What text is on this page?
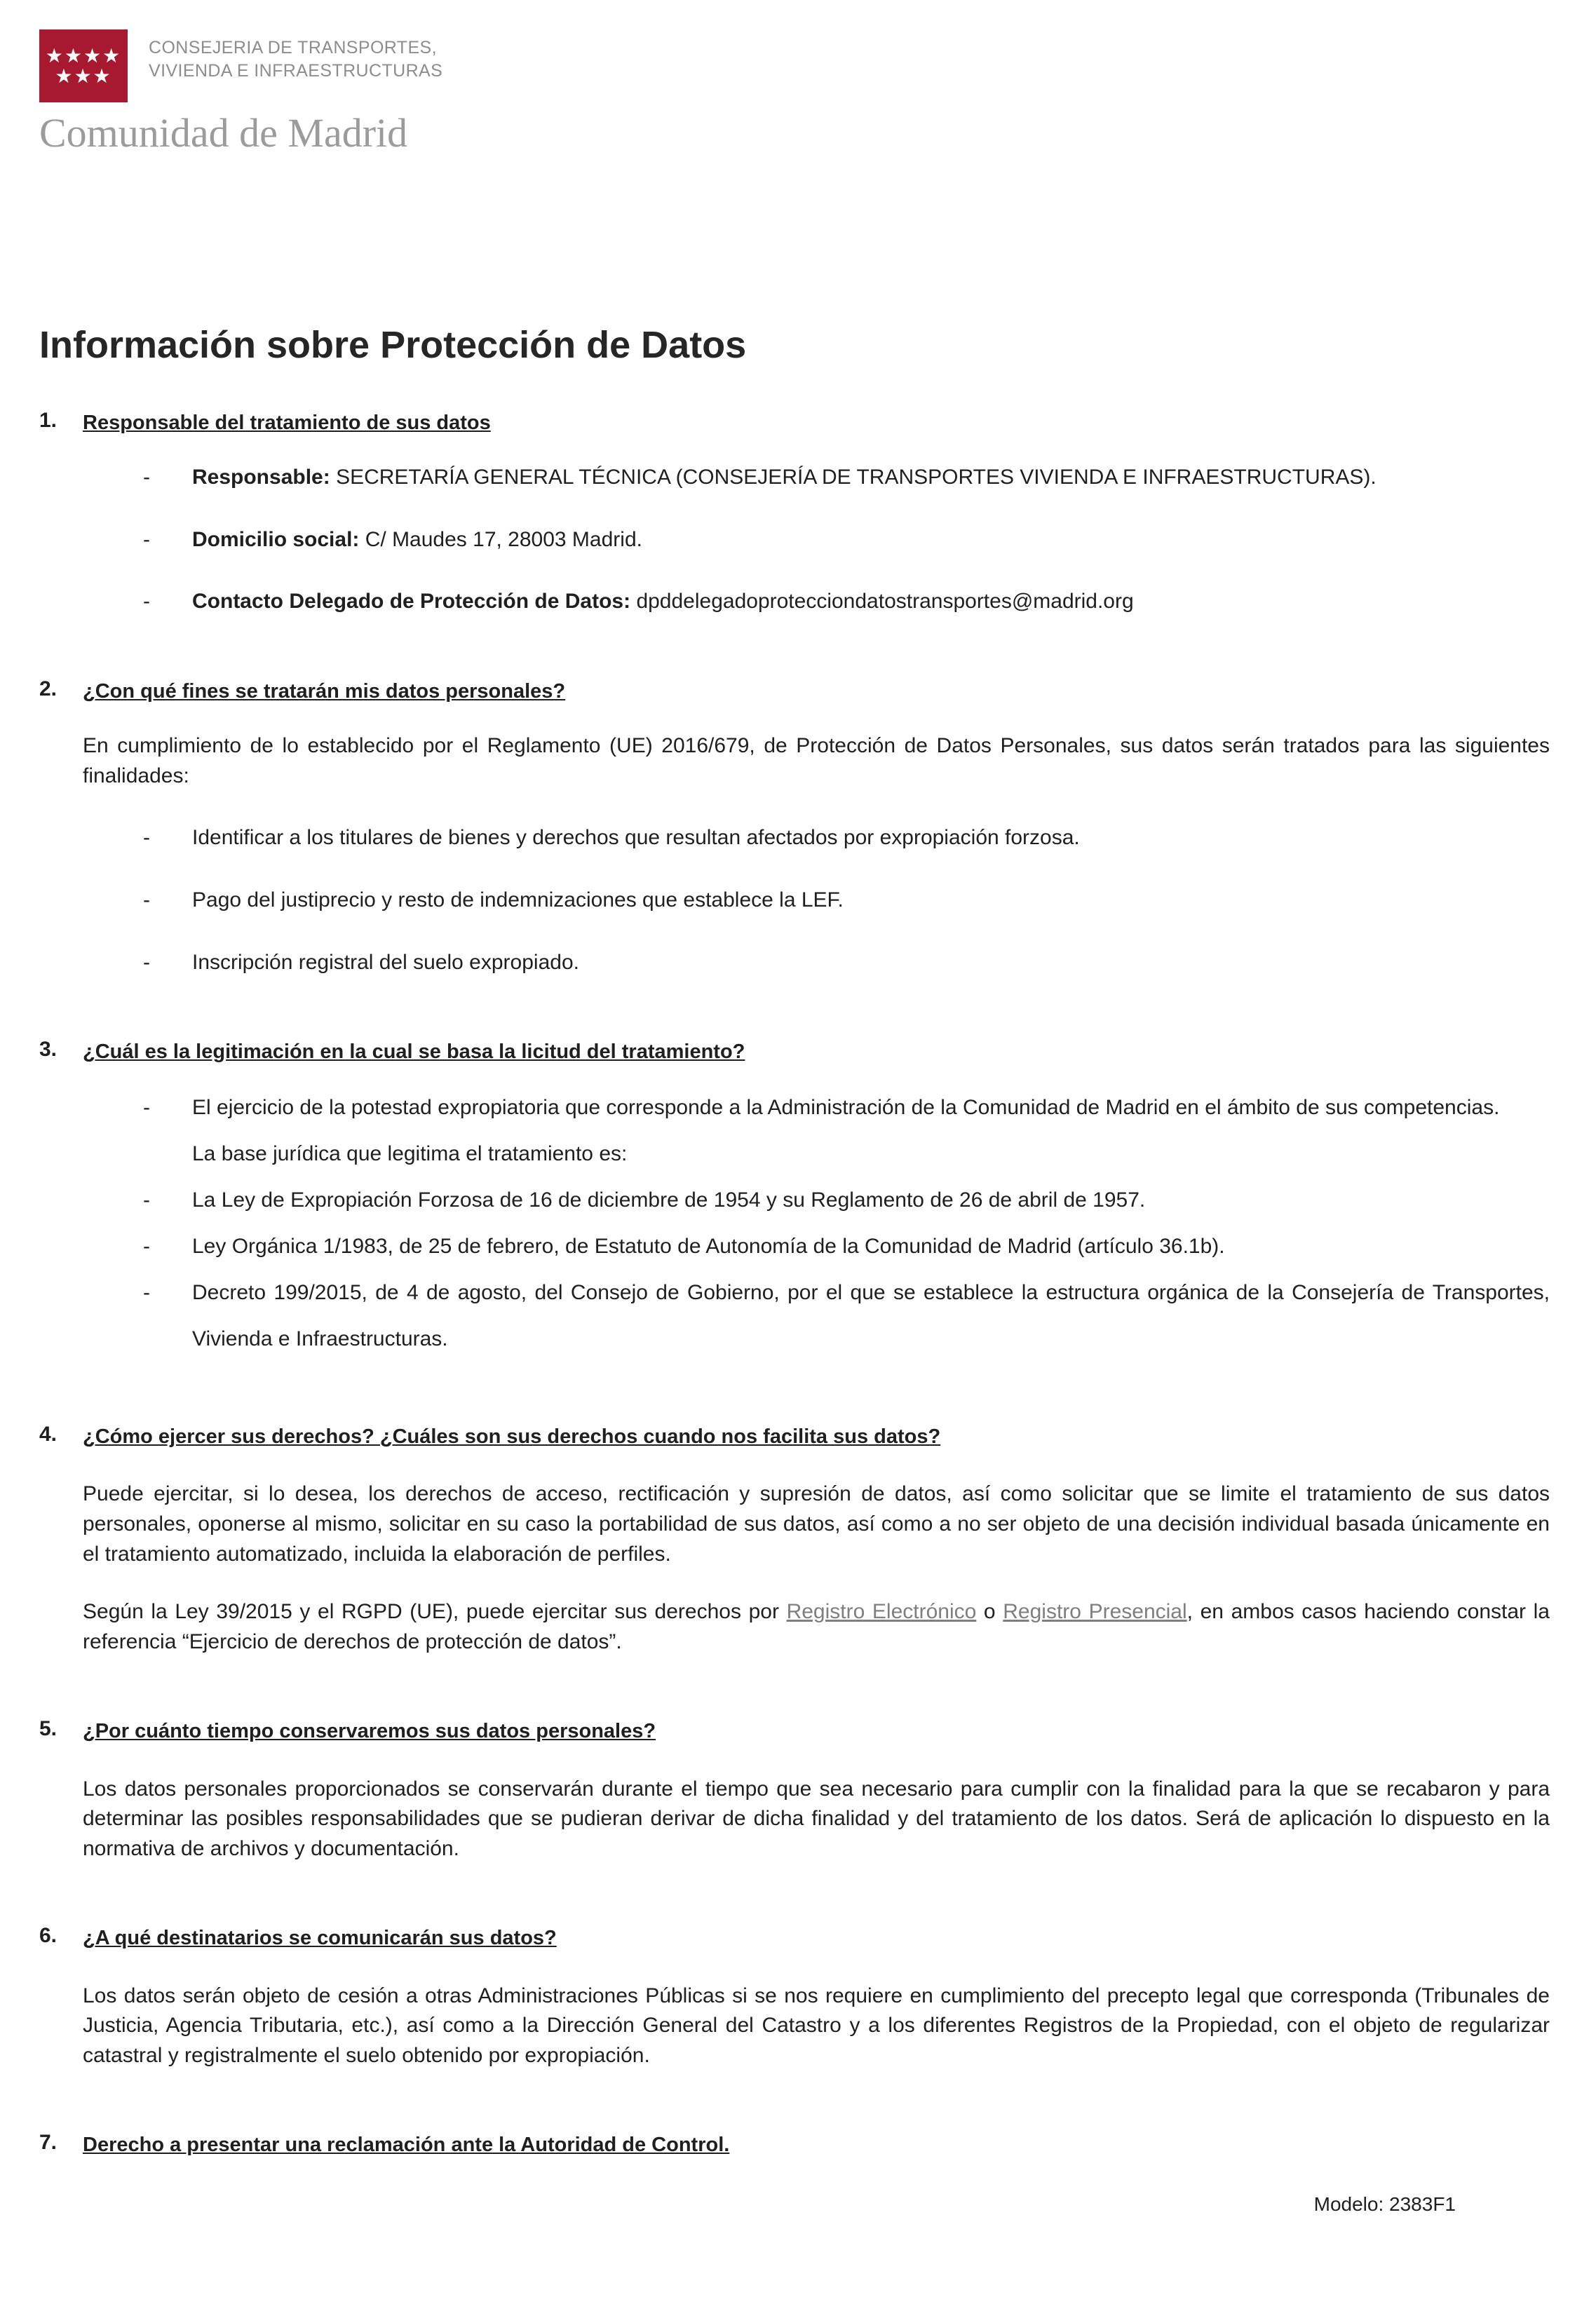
★★★★
★★★
CONSEJERIA DE TRANSPORTES,
VIVIENDA E INFRAESTRUCTURAS
Comunidad de Madrid
Información sobre Protección de Datos
1.	Responsable del tratamiento de sus datos
-	Responsable: SECRETARÍA GENERAL TÉCNICA (CONSEJERÍA DE TRANSPORTES VIVIENDA E INFRAESTRUCTURAS).
-	Domicilio social: C/ Maudes 17, 28003 Madrid.
-	Contacto Delegado de Protección de Datos: dpddelegadoprotecciondatostransportes@madrid.org
2.	¿Con qué fines se tratarán mis datos personales?

En cumplimiento de lo establecido por el Reglamento (UE) 2016/679, de Protección de Datos Personales, sus datos serán tratados para las siguientes finalidades:

-	Identificar a los titulares de bienes y derechos que resultan afectados por expropiación forzosa.
-	Pago del justiprecio y resto de indemnizaciones que establece la LEF.
-	Inscripción registral del suelo expropiado.
3.	¿Cuál es la legitimación en la cual se basa la licitud del tratamiento?
-	El ejercicio de la potestad expropiatoria que corresponde a la Administración de la Comunidad de Madrid en el ámbito de sus competencias.
La base jurídica que legitima el tratamiento es:
-	La Ley de Expropiación Forzosa de 16 de diciembre de 1954 y su Reglamento de 26 de abril de 1957.
-	Ley Orgánica 1/1983, de 25 de febrero, de Estatuto de Autonomía de la Comunidad de Madrid (artículo 36.1b).
-	Decreto 199/2015, de 4 de agosto, del Consejo de Gobierno, por el que se establece la estructura orgánica de la Consejería de Transportes, Vivienda e Infraestructuras.
4.	¿Cómo ejercer sus derechos? ¿Cuáles son sus derechos cuando nos facilita sus datos?

Puede ejercitar, si lo desea, los derechos de acceso, rectificación y supresión de datos, así como solicitar que se limite el tratamiento de sus datos personales, oponerse al mismo, solicitar en su caso la portabilidad de sus datos, así como a no ser objeto de una decisión individual basada únicamente en el tratamiento automatizado, incluida la elaboración de perfiles.

Según la Ley 39/2015 y el RGPD (UE), puede ejercitar sus derechos por Registro Electrónico o Registro Presencial, en ambos casos haciendo constar la referencia “Ejercicio de derechos de protección de datos”.

5.	¿Por cuánto tiempo conservaremos sus datos personales?

Los datos personales proporcionados se conservarán durante el tiempo que sea necesario para cumplir con la finalidad para la que se recabaron y para determinar las posibles responsabilidades que se pudieran derivar de dicha finalidad y del tratamiento de los datos. Será de aplicación lo dispuesto en la normativa de archivos y documentación.

6.	¿A qué destinatarios se comunicarán sus datos?

Los datos serán objeto de cesión a otras Administraciones Públicas si se nos requiere en cumplimiento del precepto legal que corresponda (Tribunales de Justicia, Agencia Tributaria, etc.), así como a la Dirección General del Catastro y a los diferentes Registros de la Propiedad, con el objeto de regularizar catastral y registralmente el suelo obtenido por expropiación.

7.	Derecho a presentar una reclamación ante la Autoridad de Control.
Modelo: 2383F1
